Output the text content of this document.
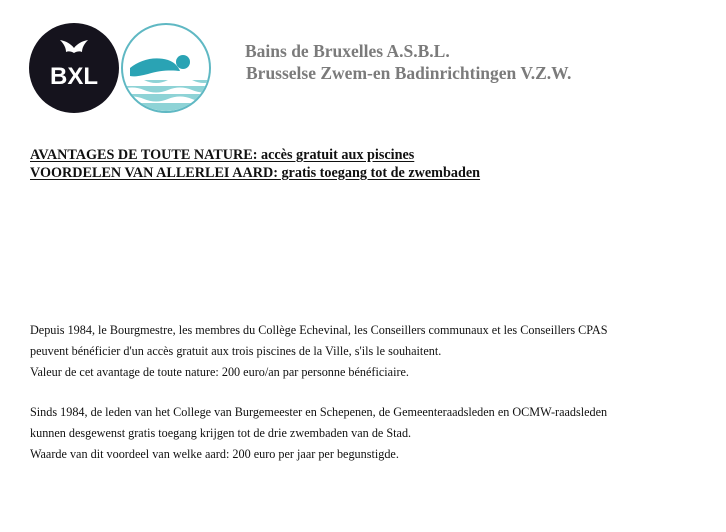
BXL
Bains de Bruxelles A.S.B.L.
Brusselse Zwem-en Badinrichtingen V.Z.W.
AVANTAGES DE TOUTE NATURE: accès gratuit aux piscines
VOORDELEN VAN ALLERLEI AARD: gratis toegang tot de zwembaden
Depuis 1984, le Bourgmestre, les membres du Collège Echevinal, les Conseillers communaux et les Conseillers CPAS
peuvent bénéficier d'un accès gratuit aux trois piscines de la Ville, s'ils le souhaitent.
Valeur de cet avantage de toute nature: 200 euro/an par personne bénéficiaire.
Sinds 1984, de leden van het College van Burgemeester en Schepenen, de Gemeenteraadsleden en OCMW-raadsleden
kunnen desgewenst gratis toegang krijgen tot de drie zwembaden van de Stad.
Waarde van dit voordeel van welke aard: 200 euro per jaar per begunstigde.
